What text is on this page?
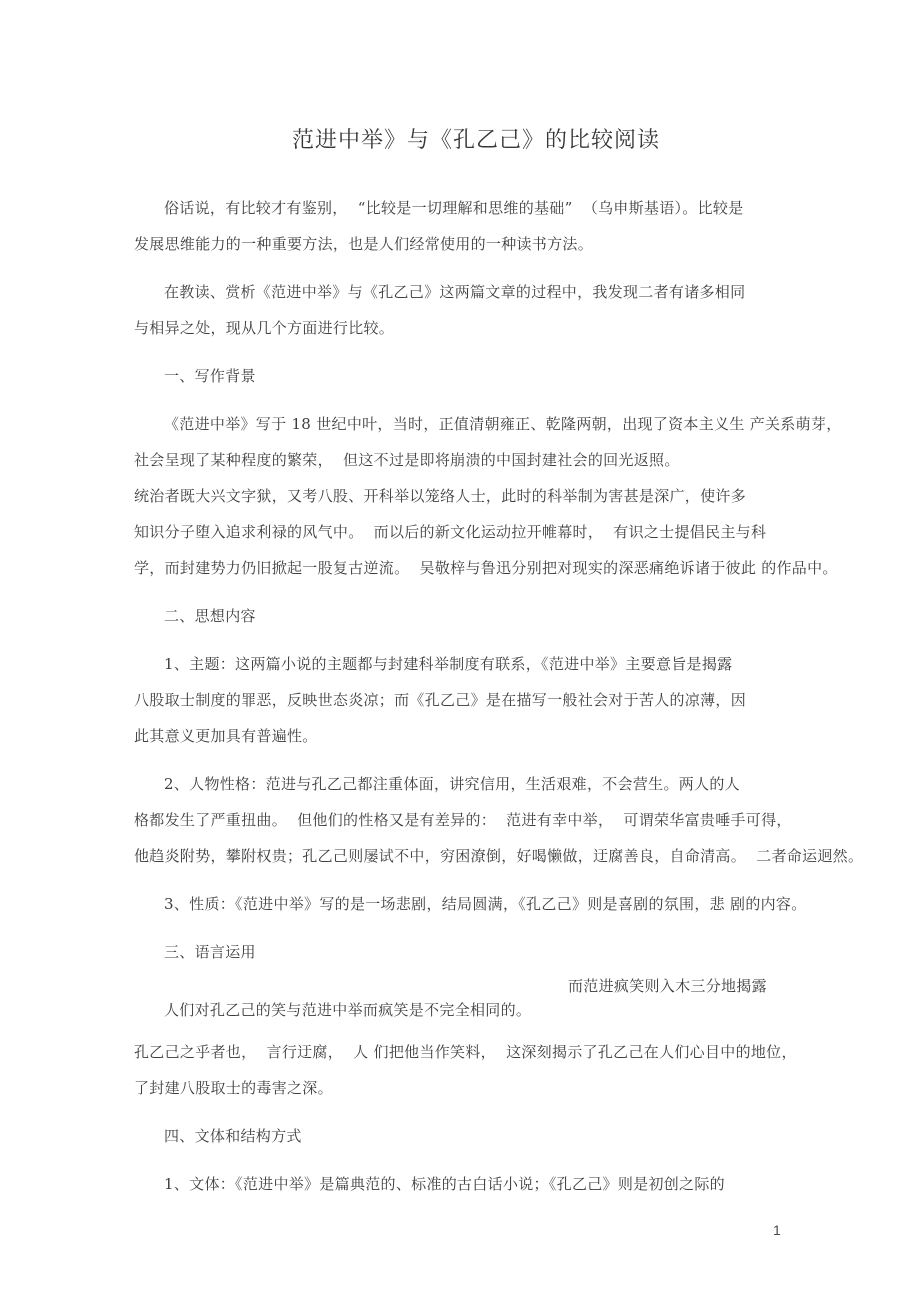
范进中举》与《孔乙己》的比较阅读
俗话说，有比较才有鉴别，  “比较是一切理解和思维的基础”  （乌申斯基语）。比较是
发展思维能力的一种重要方法，也是人们经常使用的一种读书方法。
在教读、赏析《范进中举》与《孔乙己》这两篇文章的过程中，我发现二者有诸多相同
与相异之处，现从几个方面进行比较。
一、写作背景
《范进中举》写于 18 世纪中叶，当时，正值清朝雍正、乾隆两朝，出现了资本主义生 产关系萌芽，
社会呈现了某种程度的繁荣，  但这不过是即将崩溃的中国封建社会的回光返照。
统治者既大兴文字狱，又考八股、开科举以笼络人士，此时的科举制为害甚是深广，使许多
知识分子堕入追求利禄的风气中。  而以后的新文化运动拉开帷幕时，  有识之士提倡民主与科
学，而封建势力仍旧掀起一股复古逆流。  吴敬梓与鲁迅分别把对现实的深恶痛绝诉诸于彼此 的作品中。
二、思想内容
1、主题：这两篇小说的主题都与封建科举制度有联系，《范进中举》主要意旨是揭露
八股取士制度的罪恶，反映世态炎凉；而《孔乙己》是在描写一般社会对于苦人的凉薄，因
此其意义更加具有普遍性。
2、人物性格：范进与孔乙己都注重体面，讲究信用，生活艰难，不会营生。两人的人
格都发生了严重扭曲。  但他们的性格又是有差异的：  范进有幸中举，  可谓荣华富贵唾手可得，
他趋炎附势，攀附权贵；孔乙己则屡试不中，穷困潦倒，好喝懒做，迂腐善良，自命清高。  二者命运迥然。
3、性质：《范进中举》写的是一场悲剧，结局圆满，《孔乙己》则是喜剧的氛围，悲 剧的内容。
三、语言运用
而范进疯笑则入木三分地揭露
人们对孔乙己的笑与范进中举而疯笑是不完全相同的。
孔乙己之乎者也，  言行迂腐，  人 们把他当作笑料，  这深刻揭示了孔乙己在人们心目中的地位，
了封建八股取士的毒害之深。
四、文体和结构方式
1、文体：《范进中举》是篇典范的、标准的古白话小说；《孔乙己》则是初创之际的
1
